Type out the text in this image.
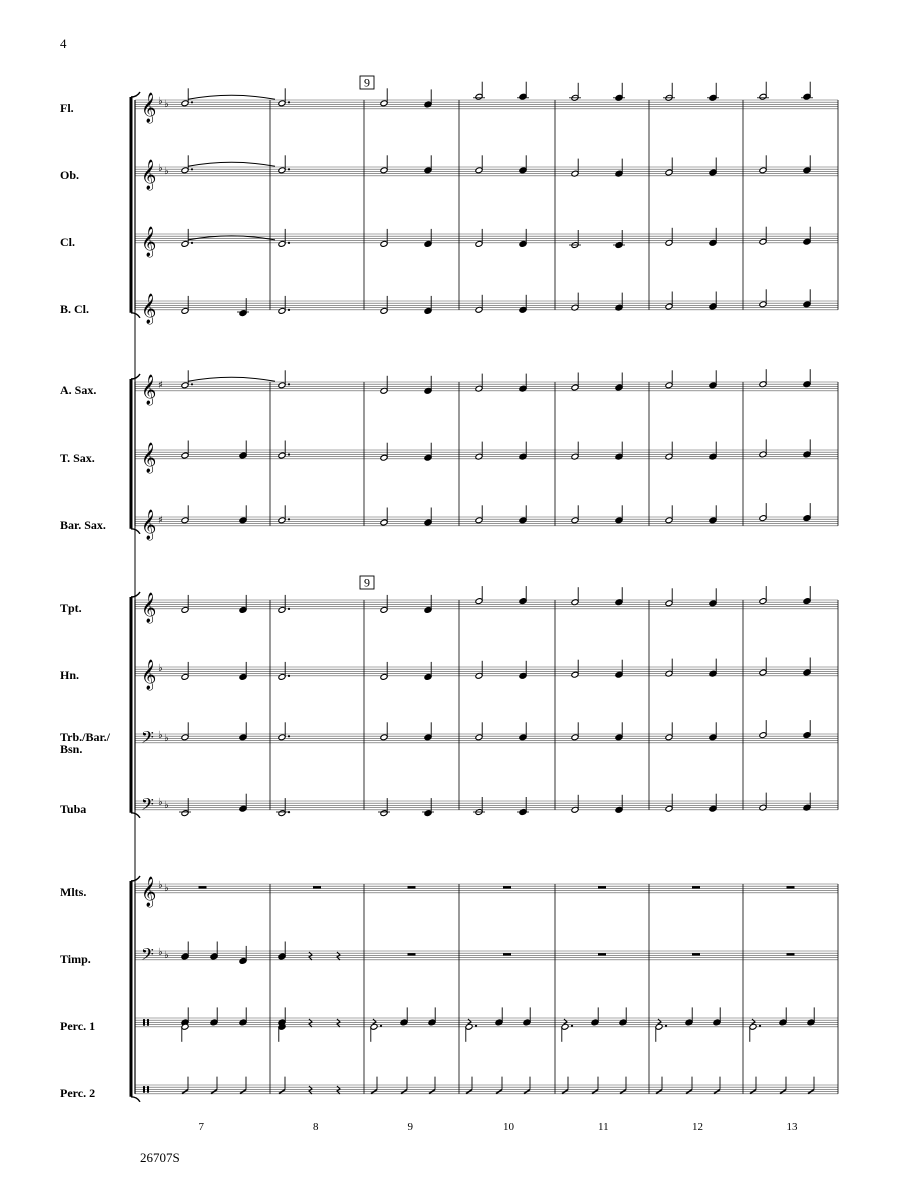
4
Fl.
Ob.
Cl.
B. Cl.
A. Sax.
T. Sax.
Bar. Sax.
Tpt.
Hn.
Trb./Bar./
Bsn.
Tuba
Mlts.
Timp.
Perc. 1
Perc. 2
𝄞 ♭ ♭
𝄞 ♭ ♭
𝄞
𝄞
𝄞 ♯
𝄞
𝄞 ♯
𝄞
𝄞 ♭
𝄢 ♭ ♭
𝄢 ♭ ♭
𝄞 ♭ ♭
𝄢 ♭ ♭
9
9
7	8	9	10	11	12	13
26707S
